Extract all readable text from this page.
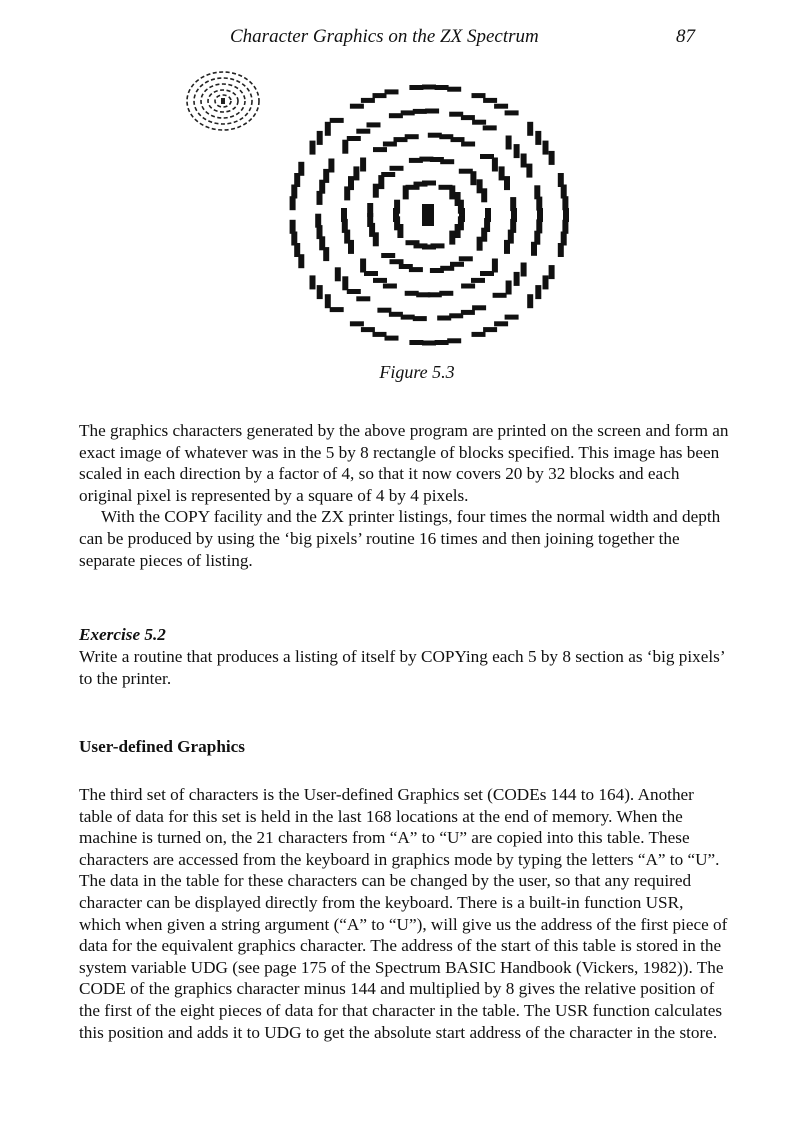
Character Graphics on the ZX Spectrum	87
Figure 5.3

The graphics characters generated by the above program are printed on the screen and form an exact image of whatever was in the 5 by 8 rectangle of blocks specified. This image has been scaled in each direction by a factor of 4, so that it now covers 20 by 32 blocks and each original pixel is represented by a square of 4 by 4 pixels.

With the COPY facility and the ZX printer listings, four times the normal width and depth can be produced by using the ‘big pixels’ routine 16 times and then joining together the separate pieces of listing.

Exercise 5.2

Write a routine that produces a listing of itself by COPYing each 5 by 8 section as ‘big pixels’ to the printer.

User-defined Graphics

The third set of characters is the User-defined Graphics set (CODEs 144 to 164). Another table of data for this set is held in the last 168 locations at the end of memory. When the machine is turned on, the 21 characters from “A” to “U” are copied into this table. These characters are accessed from the keyboard in graphics mode by typing the letters “A” to “U”. The data in the table for these characters can be changed by the user, so that any required character can be displayed directly from the keyboard. There is a built-in function USR, which when given a string argument (“A” to “U”), will give us the address of the first piece of data for the equivalent graphics character. The address of the start of this table is stored in the system variable UDG (see page 175 of the Spectrum BASIC Handbook (Vickers, 1982)). The CODE of the graphics character minus 144 and multiplied by 8 gives the relative position of the first of the eight pieces of data for that character in the table. The USR function calculates this position and adds it to UDG to get the absolute start address of the character in the store.
